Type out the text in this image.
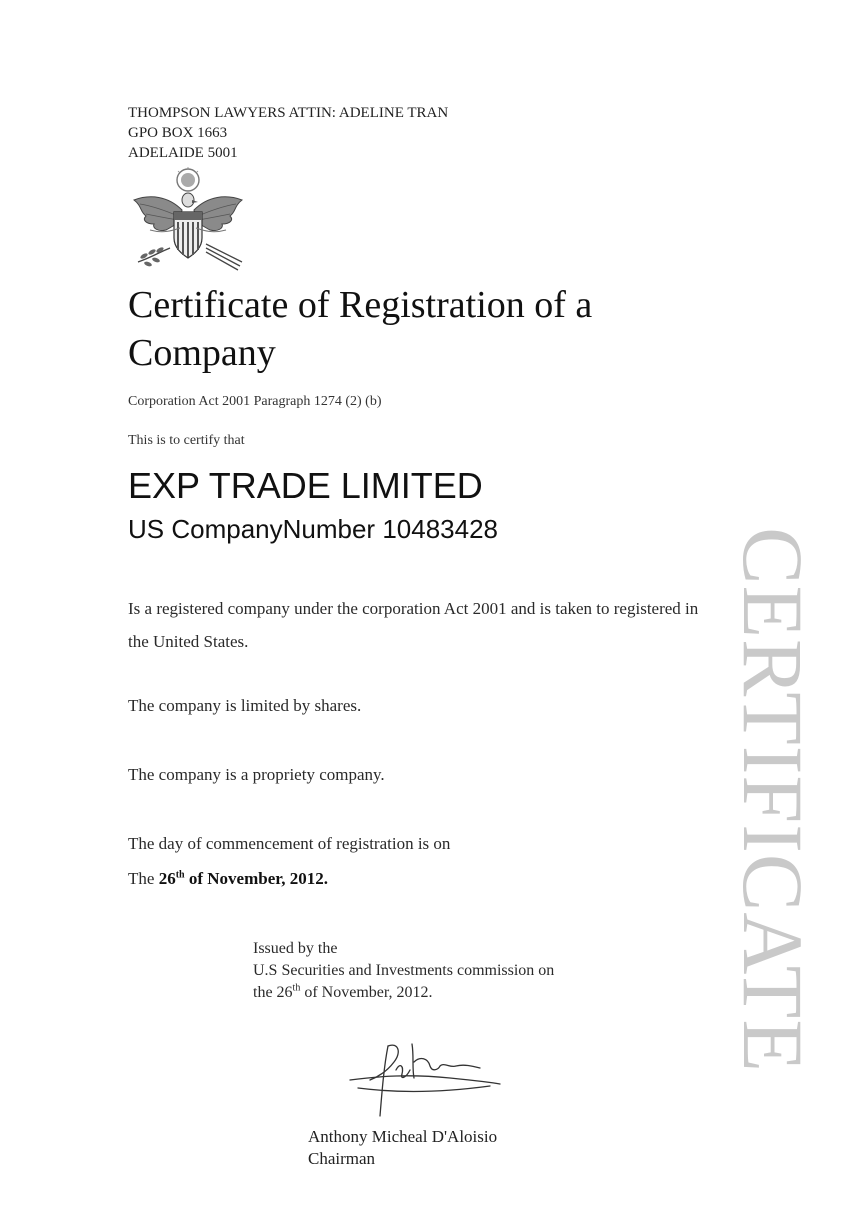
THOMPSON LAWYERS ATTIN: ADELINE TRAN
GPO BOX 1663
ADELAIDE 5001
Certificate of Registration of a Company
Corporation Act 2001 Paragraph 1274 (2) (b)
This is to certify that
EXP TRADE LIMITED
US CompanyNumber 10483428
Is a registered company under the corporation Act 2001 and is taken to registered in the United States.
The company is limited by shares.
The company is a propriety company.
The day of commencement of registration is on
The 26th of November, 2012.
Issued by the
U.S Securities and Investments commission on
the 26th of November, 2012.
Anthony Micheal D'Aloisio
Chairman
CERTIFICATE
